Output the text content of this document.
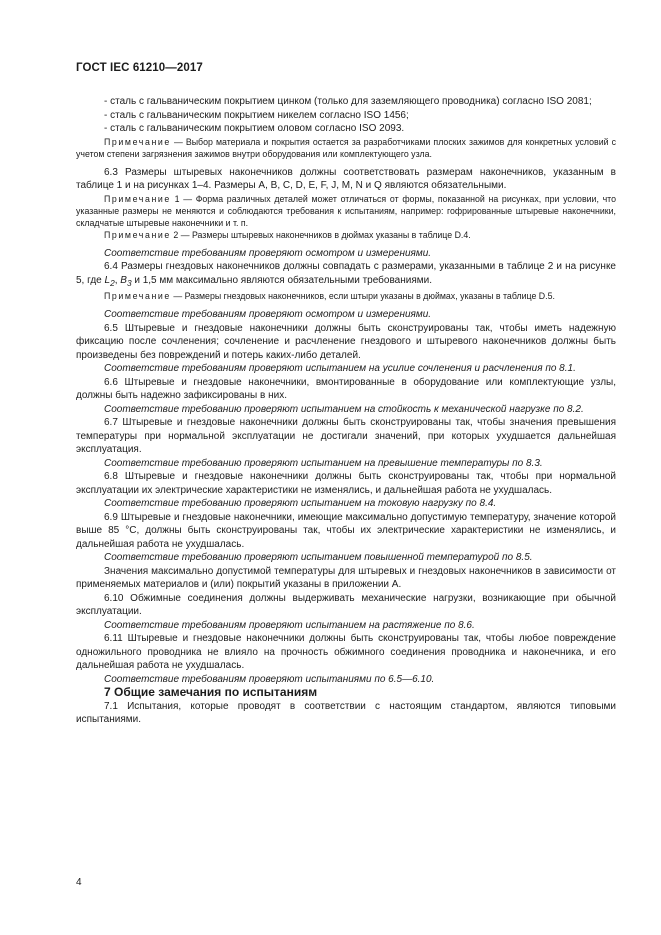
ГОСТ IEC 61210—2017

- сталь с гальваническим покрытием цинком (только для заземляющего проводника) согласно ISO 2081;

- сталь с гальваническим покрытием никелем согласно ISO 1456;

- сталь с гальваническим покрытием оловом согласно ISO 2093.

Примечание — Выбор материала и покрытия остается за разработчиками плоских зажимов для конкретных условий с учетом степени загрязнения зажимов внутри оборудования или комплектующего узла.

6.3 Размеры штыревых наконечников должны соответствовать размерам наконечников, указанным в таблице 1 и на рисунках 1–4. Размеры A, B, C, D, E, F, J, M, N и Q являются обязательными.

Примечание 1 — Форма различных деталей может отличаться от формы, показанной на рисунках, при условии, что указанные размеры не меняются и соблюдаются требования к испытаниям, например: гофрированные штыревые наконечники, складчатые штыревые наконечники и т. п.

Примечание 2 — Размеры штыревых наконечников в дюймах указаны в таблице D.4.

Соответствие требованиям проверяют осмотром и измерениями.

6.4 Размеры гнездовых наконечников должны совпадать с размерами, указанными в таблице 2 и на рисунке 5, где $L_2$, $B_3$ и 1,5 мм максимально являются обязательными требованиями.

Примечание — Размеры гнездовых наконечников, если штыри указаны в дюймах, указаны в таблице D.5.

Соответствие требованиям проверяют осмотром и измерениями.

6.5 Штыревые и гнездовые наконечники должны быть сконструированы так, чтобы иметь надежную фиксацию после сочленения; сочленение и расчленение гнездового и штыревого наконечников должны быть произведены без повреждений и потерь каких-либо деталей.

Соответствие требованиям проверяют испытанием на усилие сочленения и расчленения по 8.1.

6.6 Штыревые и гнездовые наконечники, вмонтированные в оборудование или комплектующие узлы, должны быть надежно зафиксированы в них.

Соответствие требованию проверяют испытанием на стойкость к механической нагрузке по 8.2.

6.7 Штыревые и гнездовые наконечники должны быть сконструированы так, чтобы значения превышения температуры при нормальной эксплуатации не достигали значений, при которых ухудшается дальнейшая эксплуатация.

Соответствие требованию проверяют испытанием на превышение температуры по 8.3.

6.8 Штыревые и гнездовые наконечники должны быть сконструированы так, чтобы при нормальной эксплуатации их электрические характеристики не изменялись, и дальнейшая работа не ухудшалась.

Соответствие требованию проверяют испытанием на токовую нагрузку по 8.4.

6.9 Штыревые и гнездовые наконечники, имеющие максимально допустимую температуру, значение которой выше 85 °С, должны быть сконструированы так, чтобы их электрические характеристики не изменялись, и дальнейшая работа не ухудшалась.

Соответствие требованию проверяют испытанием повышенной температурой по 8.5.

Значения максимально допустимой температуры для штыревых и гнездовых наконечников в зависимости от применяемых материалов и (или) покрытий указаны в приложении А.

6.10 Обжимные соединения должны выдерживать механические нагрузки, возникающие при обычной эксплуатации.

Соответствие требованиям проверяют испытанием на растяжение по 8.6.

6.11 Штыревые и гнездовые наконечники должны быть сконструированы так, чтобы любое повреждение одножильного проводника не влияло на прочность обжимного соединения проводника и наконечника, и его дальнейшая работа не ухудшалась.

Соответствие требованиям проверяют испытаниями по 6.5—6.10.

7 Общие замечания по испытаниям

7.1 Испытания, которые проводят в соответствии с настоящим стандартом, являются типовыми испытаниями.

4
